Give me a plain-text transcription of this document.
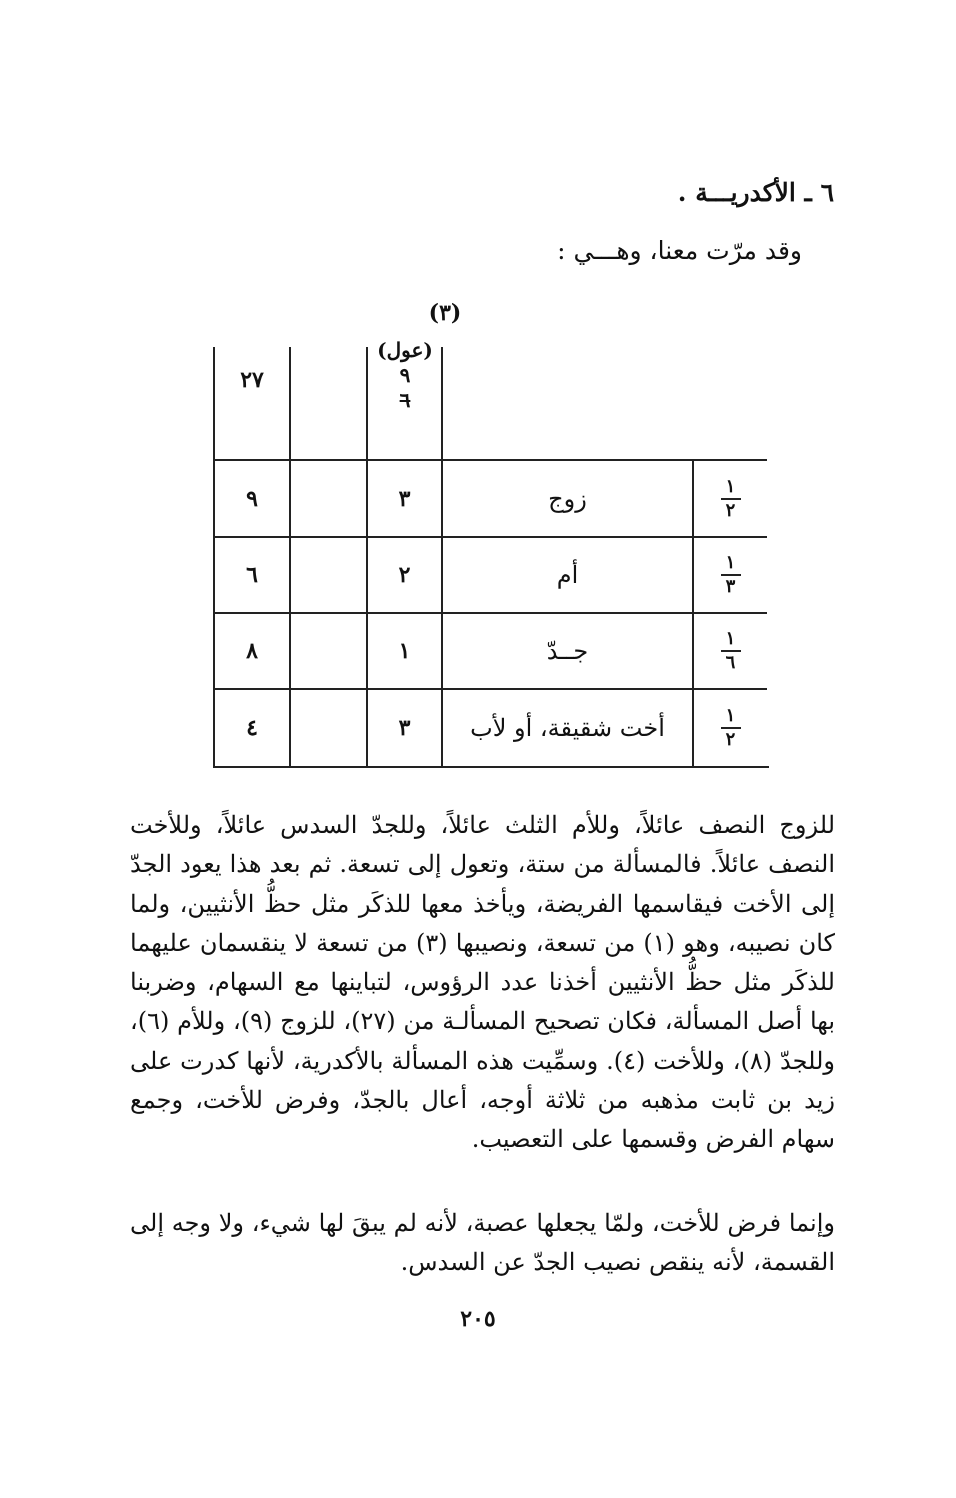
٦ ـ الأكدريـــة .
وقد مرّت معنا، وهـــي :
(٣)
٢٧
(عول)
٩
٦
$\frac{١}{٢}$
زوج
٣
٩
$\frac{١}{٣}$
أم
٢
٦
$\frac{١}{٦}$
جــدّ
١
٨
$\frac{١}{٢}$
أخت شقيقة، أو لأب
٣
٤

للزوج النصف عائلاً، وللأم الثلث عائلاً، وللجدّ السدس عائلاً، وللأخت النصف عائلاً. فالمسألة من ستة، وتعول إلى تسعة. ثم بعد هذا يعود الجدّ إلى الأخت فيقاسمها الفريضة، ويأخذ معها للذكَر مثل حظُّ الأنثيين، ولما كان نصيبه، وهو (١) من تسعة، ونصيبها (٣) من تسعة لا ينقسمان عليهما للذكَر مثل حظُّ الأنثيين أخذنا عدد الرؤوس، لتباينها مع السهام، وضربنا بها أصل المسألة، فكان تصحيح المسألـة من (٢٧)، للزوج (٩)، وللأم (٦)، وللجدّ (٨)، وللأخت (٤). وسمِّيت هذه المسألة بالأكدرية، لأنها كدرت على زيد بن ثابت مذهبه من ثلاثة أوجه، أعال بالجدّ، وفرض للأخت، وجمع سهام الفرض وقسمها على التعصيب.

وإنما فرض للأخت، ولمّا يجعلها عصبة، لأنه لم يبقَ لها شيء، ولا وجه إلى القسمة، لأنه ينقص نصيب الجدّ عن السدس.

٢٠٥
